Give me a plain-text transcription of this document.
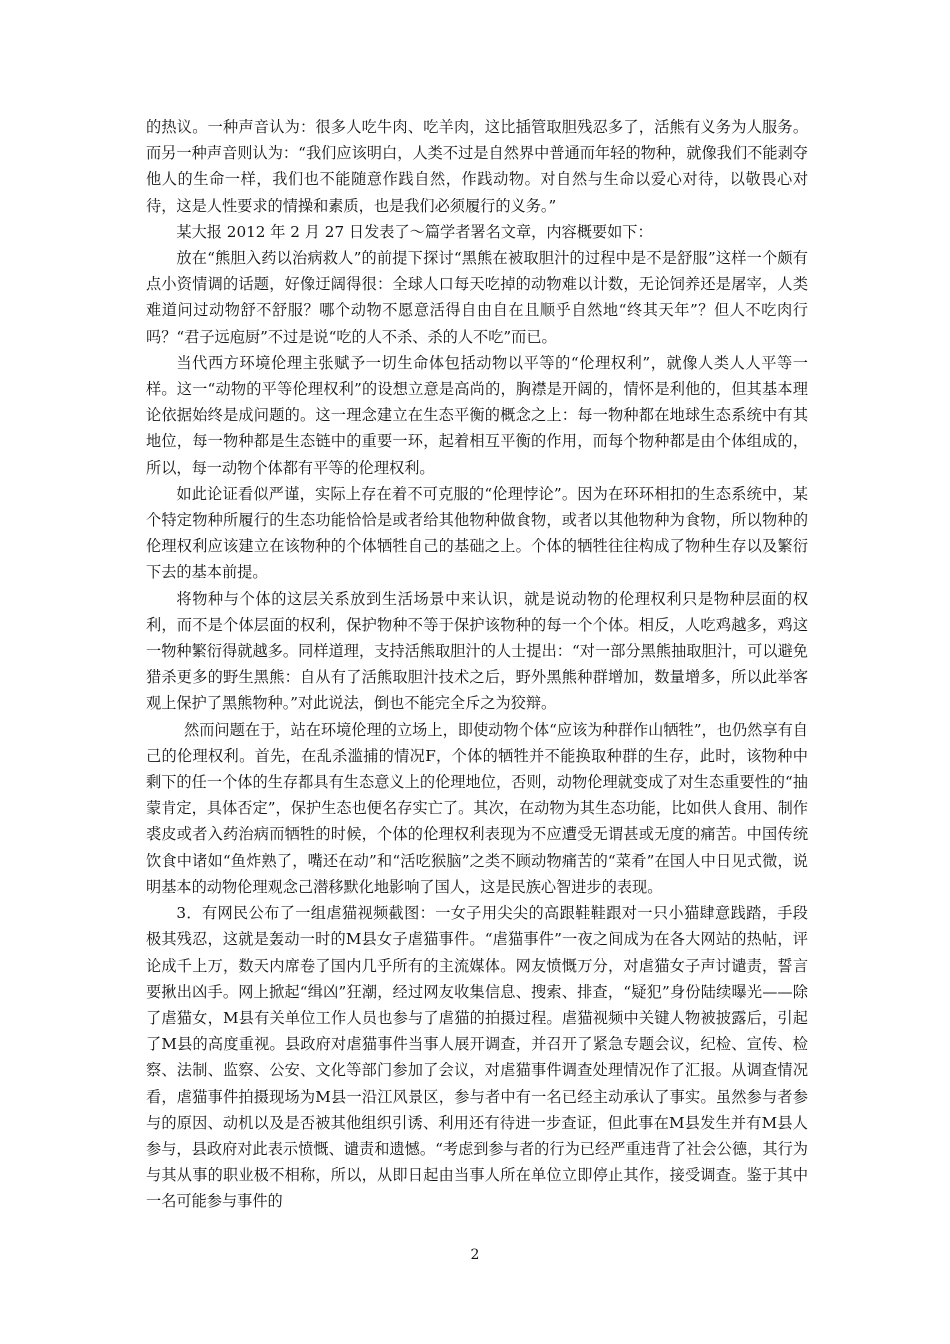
的热议。一种声音认为：很多人吃牛肉、吃羊肉，这比插管取胆残忍多了，活熊有义务为人服务。而另一种声音则认为：“我们应该明白，人类不过是自然界中普通而年轻的物种，就像我们不能剥夺他人的生命一样，我们也不能随意作践自然，作践动物。对自然与生命以爱心对待，以敬畏心对待，这是人性要求的情操和素质，也是我们必须履行的义务。”

某大报 2012 年 2 月 27 日发表了～篇学者署名文章，内容概要如下：

放在“熊胆入药以治病救人”的前提下探讨“黑熊在被取胆汁的过程中是不是舒服”这样一个颇有点小资情调的话题，好像迂阔得很：全球人口每天吃掉的动物难以计数，无论饲养还是屠宰，人类难道问过动物舒不舒服？哪个动物不愿意活得自由自在且顺乎自然地“终其天年”？但人不吃肉行吗？“君子远庖厨”不过是说“吃的人不杀、杀的人不吃”而已。

当代西方环境伦理主张赋予一切生命体包括动物以平等的“伦理权利”，就像人类人人平等一样。这一“动物的平等伦理权利”的设想立意是高尚的，胸襟是开阔的，情怀是利他的，但其基本理论依据始终是成问题的。这一理念建立在生态平衡的概念之上：每一物种都在地球生态系统中有其地位，每一物种都是生态链中的重要一环，起着相互平衡的作用，而每个物种都是由个体组成的，所以，每一动物个体都有平等的伦理权利。

如此论证看似严谨，实际上存在着不可克服的“伦理悖论”。因为在环环相扣的生态系统中，某个特定物种所履行的生态功能恰恰是或者给其他物种做食物，或者以其他物种为食物，所以物种的伦理权利应该建立在该物种的个体牺牲自己的基础之上。个体的牺牲往往构成了物种生存以及繁衍下去的基本前提。

将物种与个体的这层关系放到生活场景中来认识，就是说动物的伦理权利只是物种层面的权利，而不是个体层面的权利，保护物种不等于保护该物种的每一个个体。相反，人吃鸡越多，鸡这一物种繁衍得就越多。同样道理，支持活熊取胆汁的人士提出：“对一部分黑熊抽取胆汁，可以避免猎杀更多的野生黑熊：自从有了活熊取胆汁技术之后，野外黑熊种群增加，数量增多，所以此举客观上保护了黑熊物种。”对此说法，倒也不能完全斥之为狡辩。

然而问题在于，站在环境伦理的立场上，即使动物个体“应该为种群作山牺牲”，也仍然享有自己的伦理权利。首先，在乱杀滥捕的情况F，个体的牺牲并不能换取种群的生存，此时，该物种中剩下的任一个体的生存都具有生态意义上的伦理地位，否则，动物伦理就变成了对生态重要性的“抽蒙肯定，具体否定”，保护生态也便名存实亡了。其次，在动物为其生态功能，比如供人食用、制作裘皮或者入药治病而牺牲的时候，个体的伦理权利表现为不应遭受无谓甚或无度的痛苦。中国传统饮食中诸如“鱼炸熟了，嘴还在动”和“活吃猴脑”之类不顾动物痛苦的“菜肴”在国人中日见式微，说明基本的动物伦理观念己潜移默化地影响了国人，这是民族心智进步的表现。

3．有网民公布了一组虐猫视频截图：一女子用尖尖的高跟鞋鞋跟对一只小猫肆意践踏，手段极其残忍，这就是轰动一时的M县女子虐猫事件。“虐猫事件”一夜之间成为在各大网站的热帖，评论成千上万，数天内席卷了国内几乎所有的主流媒体。网友愤慨万分，对虐猫女子声讨谴责，誓言要揪出凶手。网上掀起“缉凶”狂潮，经过网友收集信息、搜索、排查，“疑犯”身份陆续曝光——除了虐猫女，M县有关单位工作人员也参与了虐猫的拍摄过程。虐猫视频中关键人物被披露后，引起了M县的高度重视。县政府对虐猫事件当事人展开调查，并召开了紧急专题会议，纪检、宣传、检察、法制、监察、公安、文化等部门参加了会议，对虐猫事件调查处理情况作了汇报。从调查情况看，虐猫事件拍摄现场为M县一沿江风景区，参与者中有一名已经主动承认了事实。虽然参与者参与的原因、动机以及是否被其他组织引诱、利用还有待进一步查证，但此事在M县发生并有M县人参与，县政府对此表示愤慨、谴责和遗憾。“考虑到参与者的行为已经严重违背了社会公德，其行为与其从事的职业极不相称，所以，从即日起由当事人所在单位立即停止其作，接受调查。鉴于其中一名可能参与事件的

2
